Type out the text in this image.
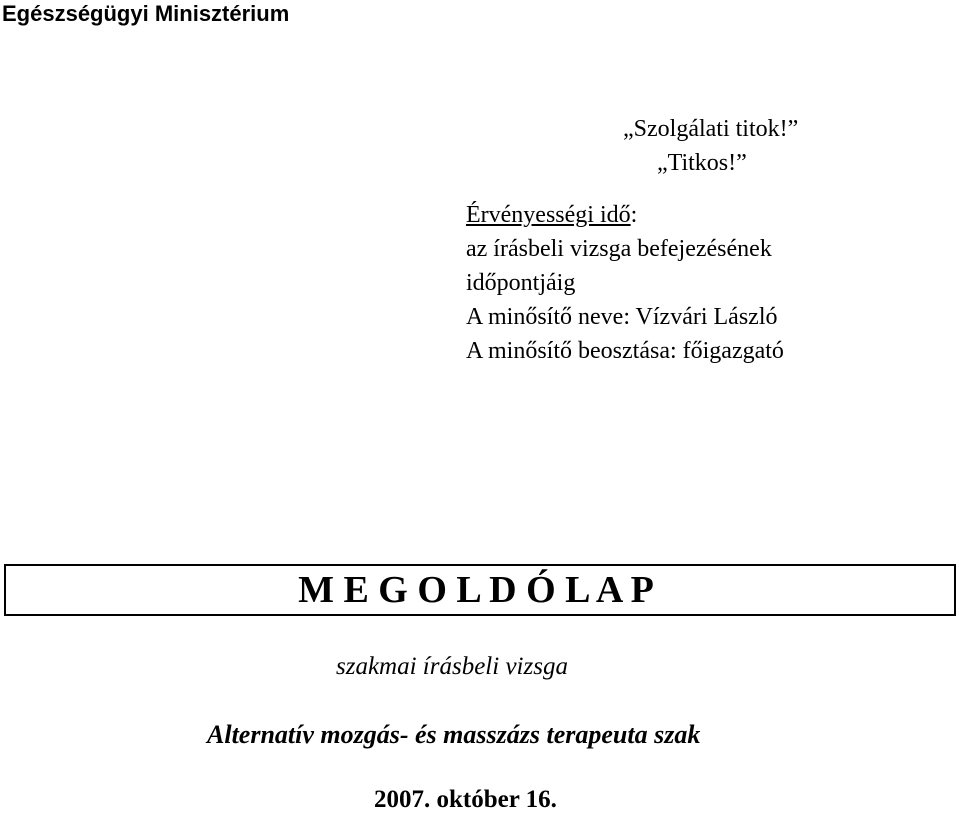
Egészségügyi Minisztérium
„Szolgálati titok!”
„Titkos!”
Érvényességi idő:
az írásbeli vizsga befejezésének
időpontjáig
A minősítő neve: Vízvári László
A minősítő beosztása: főigazgató
M E G O L D Ó L A P
szakmai írásbeli vizsga
Alternatív mozgás- és masszázs terapeuta szak
2007. október 16.
